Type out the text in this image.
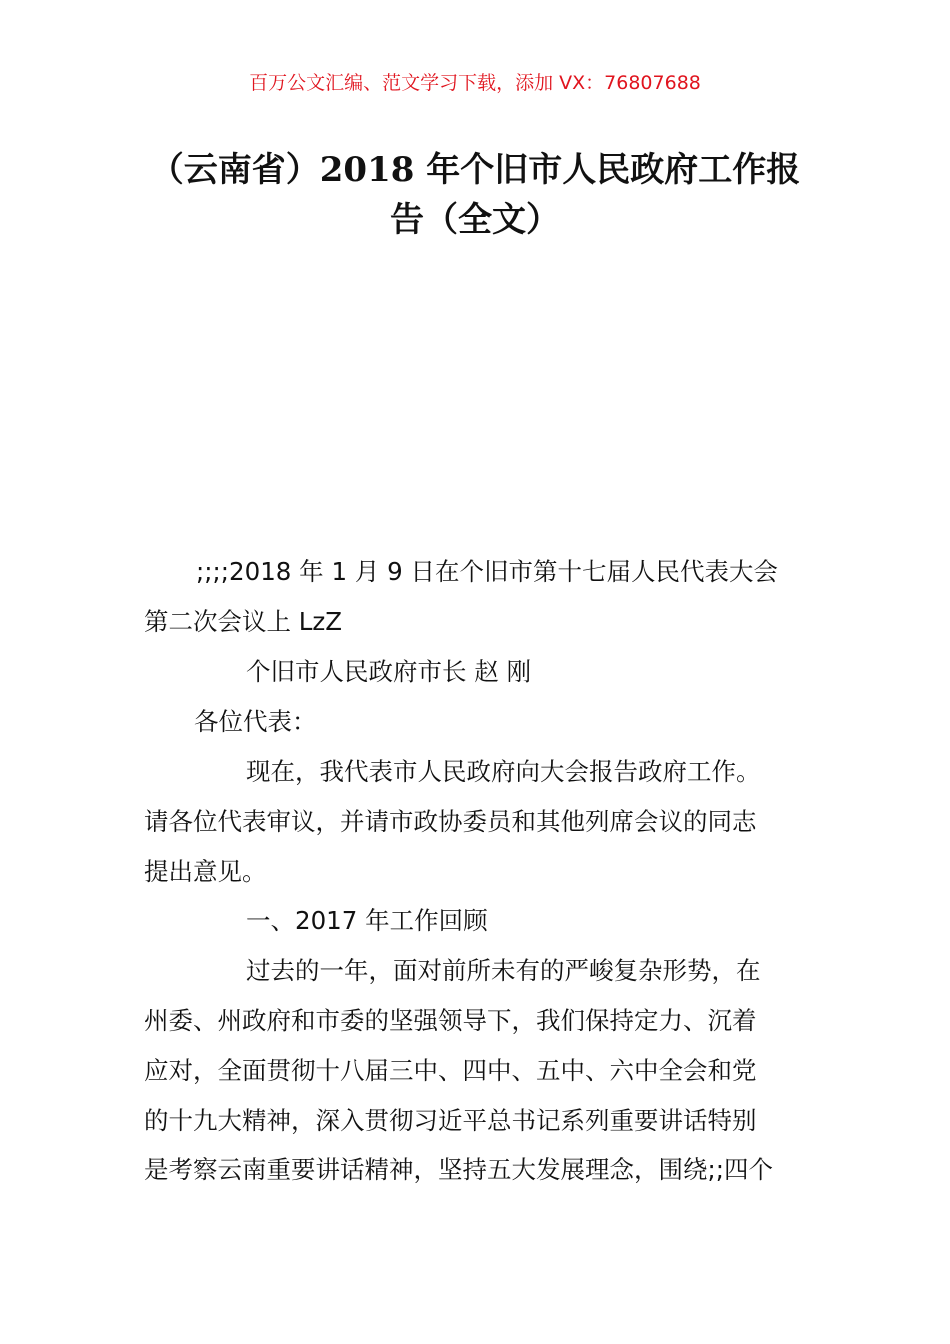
百万公文汇编、范文学习下载，添加 VX：76807688
（云南省）2018 年个旧市人民政府工作报
告（全文）
;;;;2018 年 1 月 9 日在个旧市第十七届人民代表大会
第二次会议上 LzZ
个旧市人民政府市长 赵 刚
各位代表：
现在，我代表市人民政府向大会报告政府工作。
请各位代表审议，并请市政协委员和其他列席会议的同志
提出意见。
一、2017 年工作回顾
过去的一年，面对前所未有的严峻复杂形势，在
州委、州政府和市委的坚强领导下，我们保持定力、沉着
应对，全面贯彻十八届三中、四中、五中、六中全会和党
的十九大精神，深入贯彻习近平总书记系列重要讲话特别
是考察云南重要讲话精神，坚持五大发展理念，围绕;;四个
